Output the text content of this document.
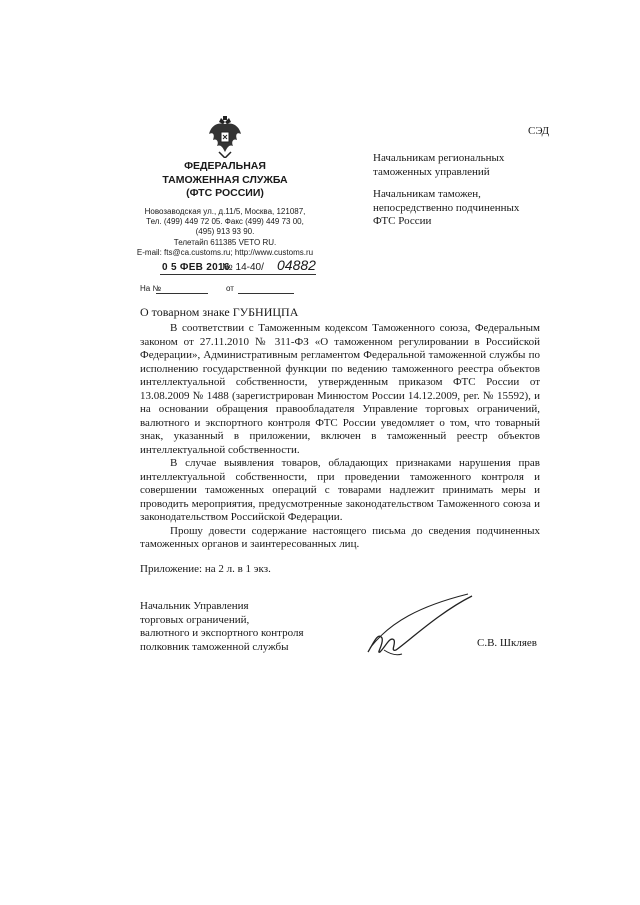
ФЕДЕРАЛЬНАЯ
ТАМОЖЕННАЯ СЛУЖБА
(ФТС РОССИИ)
Новозаводская ул., д.11/5, Москва, 121087,
Тел. (499) 449 72 05. Факс (499) 449 73 00,
(495) 913 93 90.
Телетайп 611385 VETO RU.
E-mail: fts@ca.customs.ru; http://www.customs.ru
0 5 ФЕВ 2016
№ 14-40/ 04882
На №	от
СЭД
Начальникам региональных
таможенных управлений
Начальникам таможен,
непосредственно подчиненных
ФТС России
О товарном знаке ГУБНИЦПА

В соответствии с Таможенным кодексом Таможенного союза, Федеральным законом от 27.11.2010 № 311-ФЗ «О таможенном регулировании в Российской Федерации», Административным регламентом Федеральной таможенной службы по исполнению государственной функции по ведению таможенного реестра объектов интеллектуальной собственности, утвержденным приказом ФТС России от 13.08.2009 № 1488 (зарегистрирован Минюстом России 14.12.2009, рег. № 15592), и на основании обращения правообладателя Управление торговых ограничений, валютного и экспортного контроля ФТС России уведомляет о том, что товарный знак, указанный в приложении, включен в таможенный реестр объектов интеллектуальной собственности.

В случае выявления товаров, обладающих признаками нарушения прав интеллектуальной собственности, при проведении таможенного контроля и совершении таможенных операций с товарами надлежит принимать меры и проводить мероприятия, предусмотренные законодательством Таможенного союза и законодательством Российской Федерации.

Прошу довести содержание настоящего письма до сведения подчиненных таможенных органов и заинтересованных лиц.

Приложение: на 2 л. в 1 экз.
Начальник Управления
торговых ограничений,
валютного и экспортного контроля
полковник таможенной службы	С.В. Шкляев
